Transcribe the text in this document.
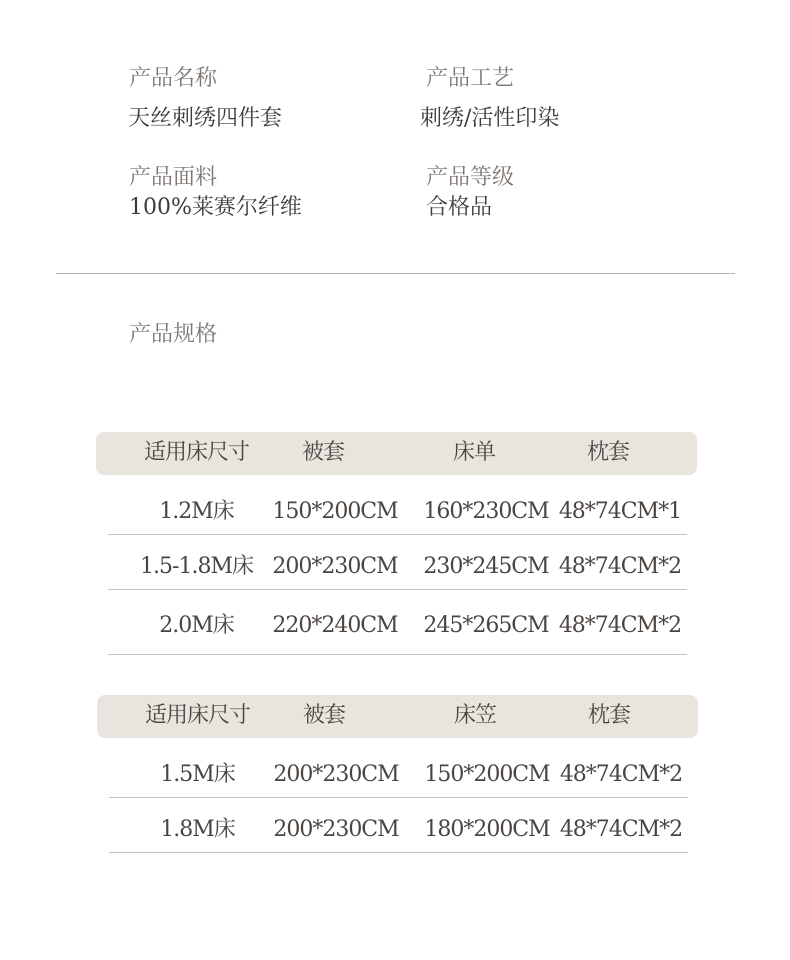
产品名称
天丝刺绣四件套
产品工艺
刺绣/活性印染
产品面料
100%莱赛尔纤维
产品等级
合格品
产品规格
适用床尺寸	被套	床单	枕套
1.2M床	150*200CM	160*230CM 48*74CM*1
1.5-1.8M床 200*230CM	230*245CM 48*74CM*2
2.0M床	220*240CM	245*265CM 48*74CM*2
适用床尺寸	被套	床笠	枕套
1.5M床	200*230CM	150*200CM 48*74CM*2
1.8M床	200*230CM	180*200CM 48*74CM*2
